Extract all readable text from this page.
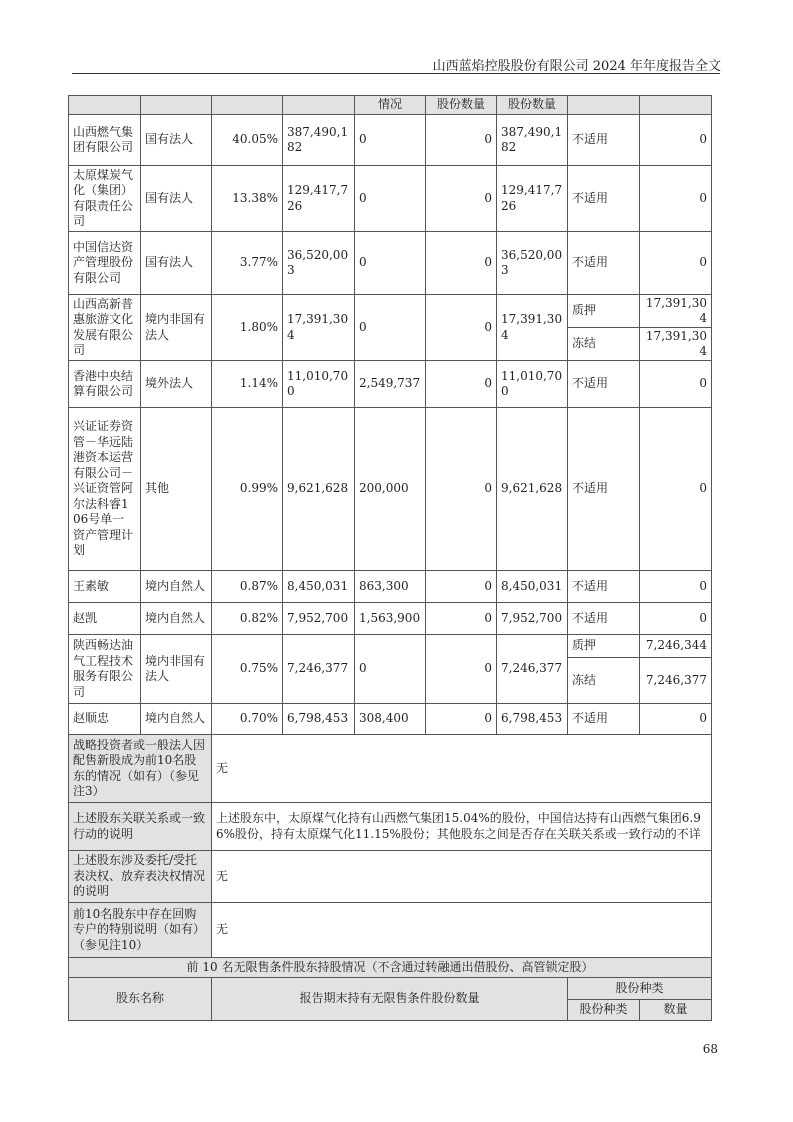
山西蓝焰控股股份有限公司 2024 年年度报告全文
				情况	股份数量	股份数量		
山西燃气集团有限公司	国有法人	40.05%	387,490,182	0	0	387,490,182	不适用	0
太原煤炭气化（集团）有限责任公司	国有法人	13.38%	129,417,726	0	0	129,417,726	不适用	0
中国信达资产管理股份有限公司	国有法人	3.77%	36,520,003	0	0	36,520,003	不适用	0
山西高新普惠旅游文化发展有限公司	境内非国有法人	1.80%	17,391,304	0	0	17,391,304	质押	17,391,304
							冻结	17,391,304
香港中央结算有限公司	境外法人	1.14%	11,010,700	2,549,737	0	11,010,700	不适用	0
兴证证券资管－华远陆港资本运营有限公司－兴证资管阿尔法科睿106号单一资产管理计划	其他	0.99%	9,621,628	200,000	0	9,621,628	不适用	0
王素敏	境内自然人	0.87%	8,450,031	863,300	0	8,450,031	不适用	0
赵凯	境内自然人	0.82%	7,952,700	1,563,900	0	7,952,700	不适用	0
陕西畅达油气工程技术服务有限公司	境内非国有法人	0.75%	7,246,377	0	0	7,246,377	质押	7,246,344
							冻结	7,246,377
赵顺忠	境内自然人	0.70%	6,798,453	308,400	0	6,798,453	不适用	0
战略投资者或一般法人因配售新股成为前10名股东的情况（如有）（参见注3）		无						
上述股东关联关系或一致行动的说明		上述股东中，太原煤气化持有山西燃气集团15.04%的股份，中国信达持有山西燃气集团6.96%股份，持有太原煤气化11.15%股份；其他股东之间是否存在关联关系或一致行动的不详						
上述股东涉及委托/受托表决权、放弃表决权情况的说明		无						
前10名股东中存在回购专户的特别说明（如有）（参见注10）		无						
前 10 名无限售条件股东持股情况（不含通过转融通出借股份、高管锁定股）								
股东名称		报告期末持有无限售条件股份数量					股份种类	
							股份种类	数量
68
